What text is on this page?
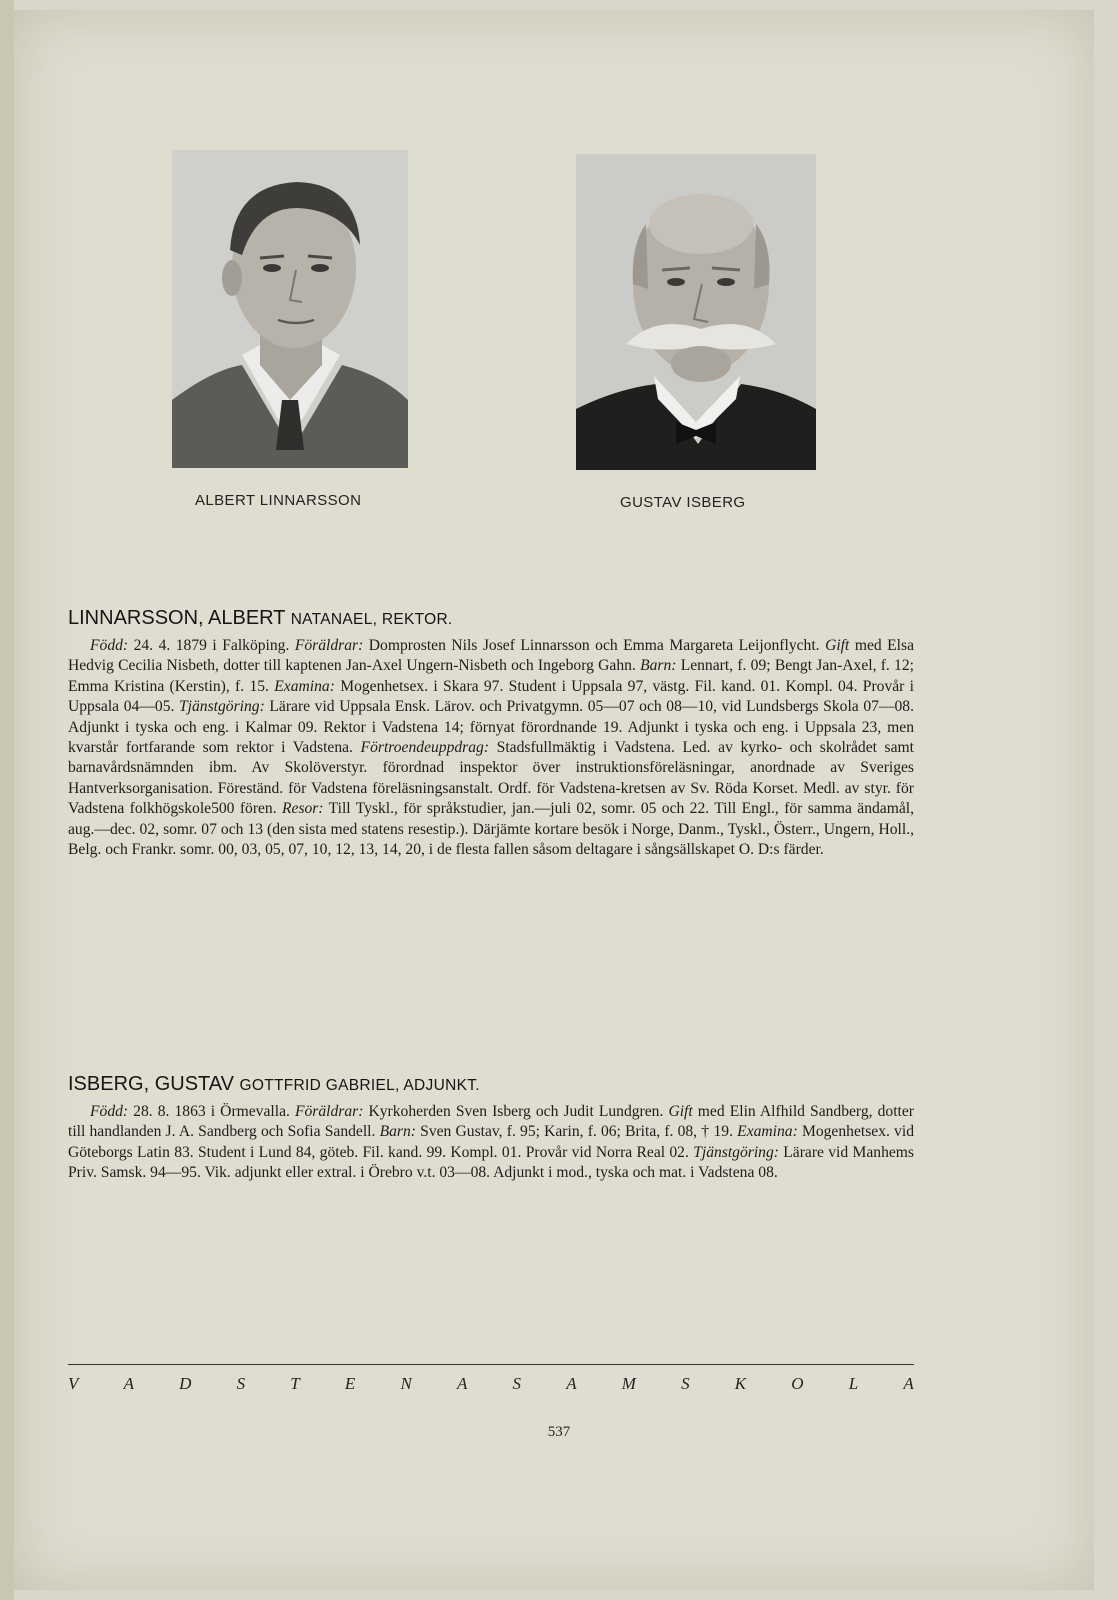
ALBERT LINNARSSON	GUSTAV ISBERG
LINNARSSON, ALBERT NATANAEL, REKTOR.
Född: 24. 4. 1879 i Falköping. Föräldrar: Domprosten Nils Josef Linnarsson och Emma Margareta Leijonflycht. Gift med Elsa Hedvig Cecilia Nisbeth, dotter till kaptenen Jan-Axel Ungern-Nisbeth och Ingeborg Gahn. Barn: Lennart, f. 09; Bengt Jan-Axel, f. 12; Emma Kristina (Kerstin), f. 15. Examina: Mogenhetsex. i Skara 97. Student i Uppsala 97, västg. Fil. kand. 01. Kompl. 04. Provår i Uppsala 04—05. Tjänstgöring: Lärare vid Uppsala Ensk. Lärov. och Privatgymn. 05—07 och 08—10, vid Lundsbergs Skola 07—08. Adjunkt i tyska och eng. i Kalmar 09. Rektor i Vadstena 14; förnyat förordnande 19. Adjunkt i tyska och eng. i Uppsala 23, men kvarstår fortfarande som rektor i Vadstena. Förtroendeuppdrag: Stadsfullmäktig i Vadstena. Led. av kyrko- och skolrådet samt barnavårdsnämnden ibm. Av Skolöverstyr. förordnad inspektor över instruktionsföreläsningar, anordnade av Sveriges Hantverksorganisation. Föreständ. för Vadstena föreläsningsanstalt. Ordf. för Vadstena-kretsen av Sv. Röda Korset. Medl. av styr. för Vadstena folkhögskole500 fören. Resor: Till Tyskl., för språkstudier, jan.—juli 02, somr. 05 och 22. Till Engl., för samma ändamål, aug.—dec. 02, somr. 07 och 13 (den sista med statens resestip.). Därjämte kortare besök i Norge, Danm., Tyskl., Österr., Ungern, Holl., Belg. och Frankr. somr. 00, 03, 05, 07, 10, 12, 13, 14, 20, i de flesta fallen såsom deltagare i sångsällskapet O. D:s färder.
ISBERG, GUSTAV GOTTFRID GABRIEL, ADJUNKT.
Född: 28. 8. 1863 i Örmevalla. Föräldrar: Kyrkoherden Sven Isberg och Judit Lundgren. Gift med Elin Alfhild Sandberg, dotter till handlanden J. A. Sandberg och Sofia Sandell. Barn: Sven Gustav, f. 95; Karin, f. 06; Brita, f. 08, † 19. Examina: Mogenhetsex. vid Göteborgs Latin 83. Student i Lund 84, göteb. Fil. kand. 99. Kompl. 01. Provår vid Norra Real 02. Tjänstgöring: Lärare vid Manhems Priv. Samsk. 94—95. Vik. adjunkt eller extral. i Örebro v.t. 03—08. Adjunkt i mod., tyska och mat. i Vadstena 08.
V	A	D	S	T	E	N	A	S	A	M	S	K	O	L	A
537
